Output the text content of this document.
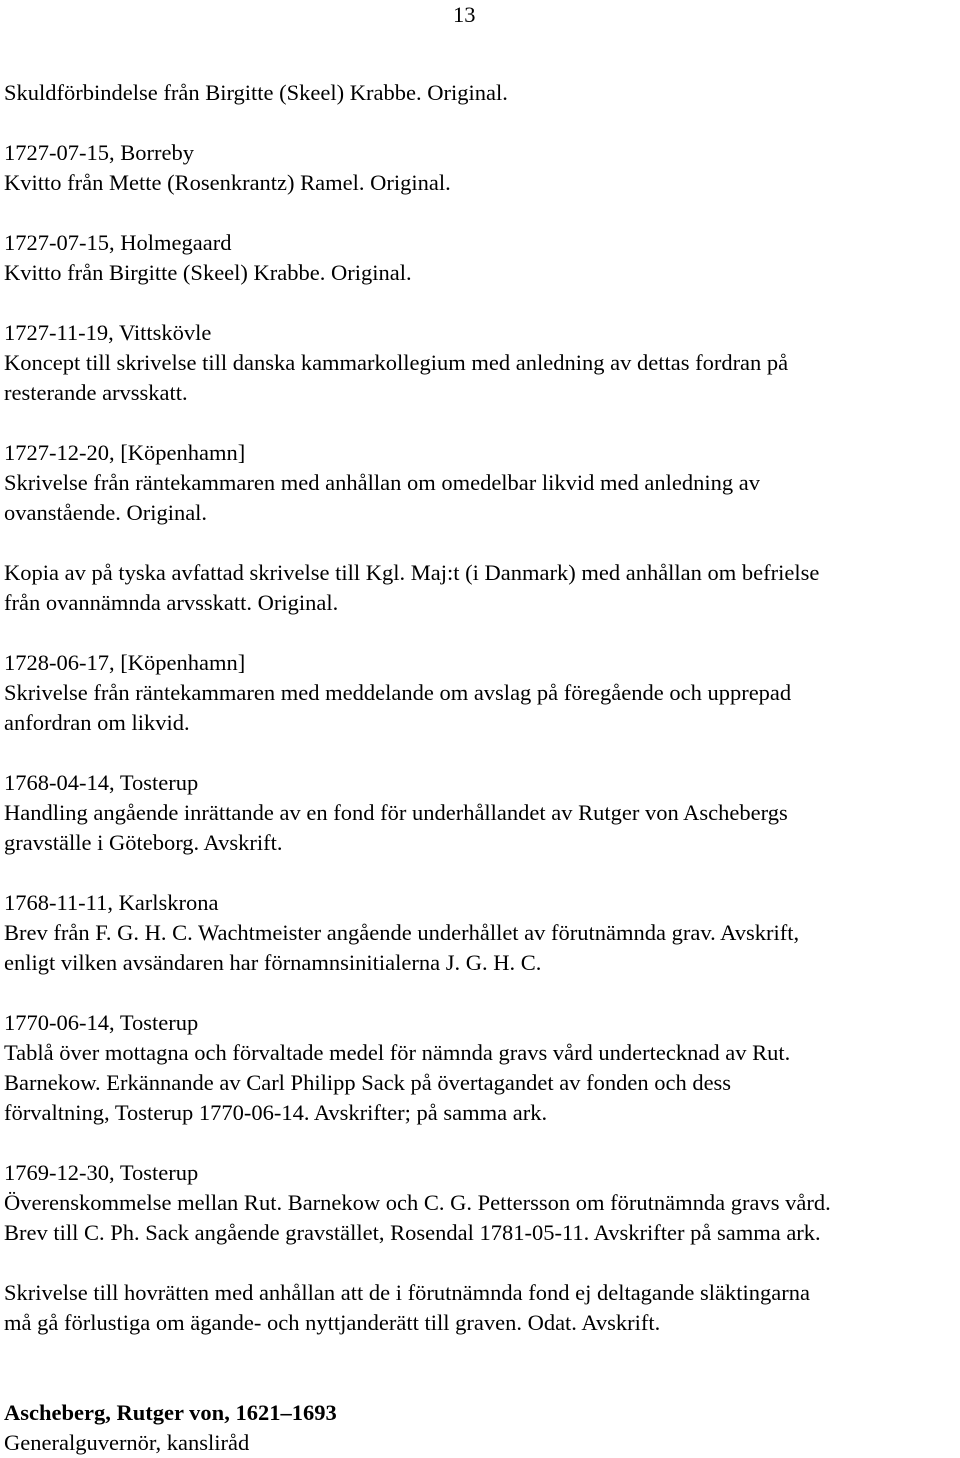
13
Skuldförbindelse från Birgitte (Skeel) Krabbe. Original.
1727-07-15, Borreby
Kvitto från Mette (Rosenkrantz) Ramel. Original.
1727-07-15, Holmegaard
Kvitto från Birgitte (Skeel) Krabbe. Original.
1727-11-19, Vittskövle
Koncept till skrivelse till danska kammarkollegium med anledning av dettas fordran på
resterande arvsskatt.
1727-12-20, [Köpenhamn]
Skrivelse från räntekammaren med anhållan om omedelbar likvid med anledning av
ovanstående. Original.
Kopia av på tyska avfattad skrivelse till Kgl. Maj:t (i Danmark) med anhållan om befrielse
från ovannämnda arvsskatt. Original.
1728-06-17, [Köpenhamn]
Skrivelse från räntekammaren med meddelande om avslag på föregående och upprepad
anfordran om likvid.
1768-04-14, Tosterup
Handling angående inrättande av en fond för underhållandet av Rutger von Aschebergs
gravställe i Göteborg. Avskrift.
1768-11-11, Karlskrona
Brev från F. G. H. C. Wachtmeister angående underhållet av förutnämnda grav. Avskrift,
enligt vilken avsändaren har förnamnsinitialerna J. G. H. C.
1770-06-14, Tosterup
Tablå över mottagna och förvaltade medel för nämnda gravs vård undertecknad av Rut.
Barnekow. Erkännande av Carl Philipp Sack på övertagandet av fonden och dess
förvaltning, Tosterup 1770-06-14. Avskrifter; på samma ark.
1769-12-30, Tosterup
Överenskommelse mellan Rut. Barnekow och C. G. Pettersson om förutnämnda gravs vård.
Brev till C. Ph. Sack angående gravstället, Rosendal 1781-05-11. Avskrifter på samma ark.
Skrivelse till hovrätten med anhållan att de i förutnämnda fond ej deltagande släktingarna
må gå förlustiga om ägande- och nyttjanderätt till graven. Odat. Avskrift.
Ascheberg, Rutger von, 1621–1693
Generalguvernör, kansliråd
